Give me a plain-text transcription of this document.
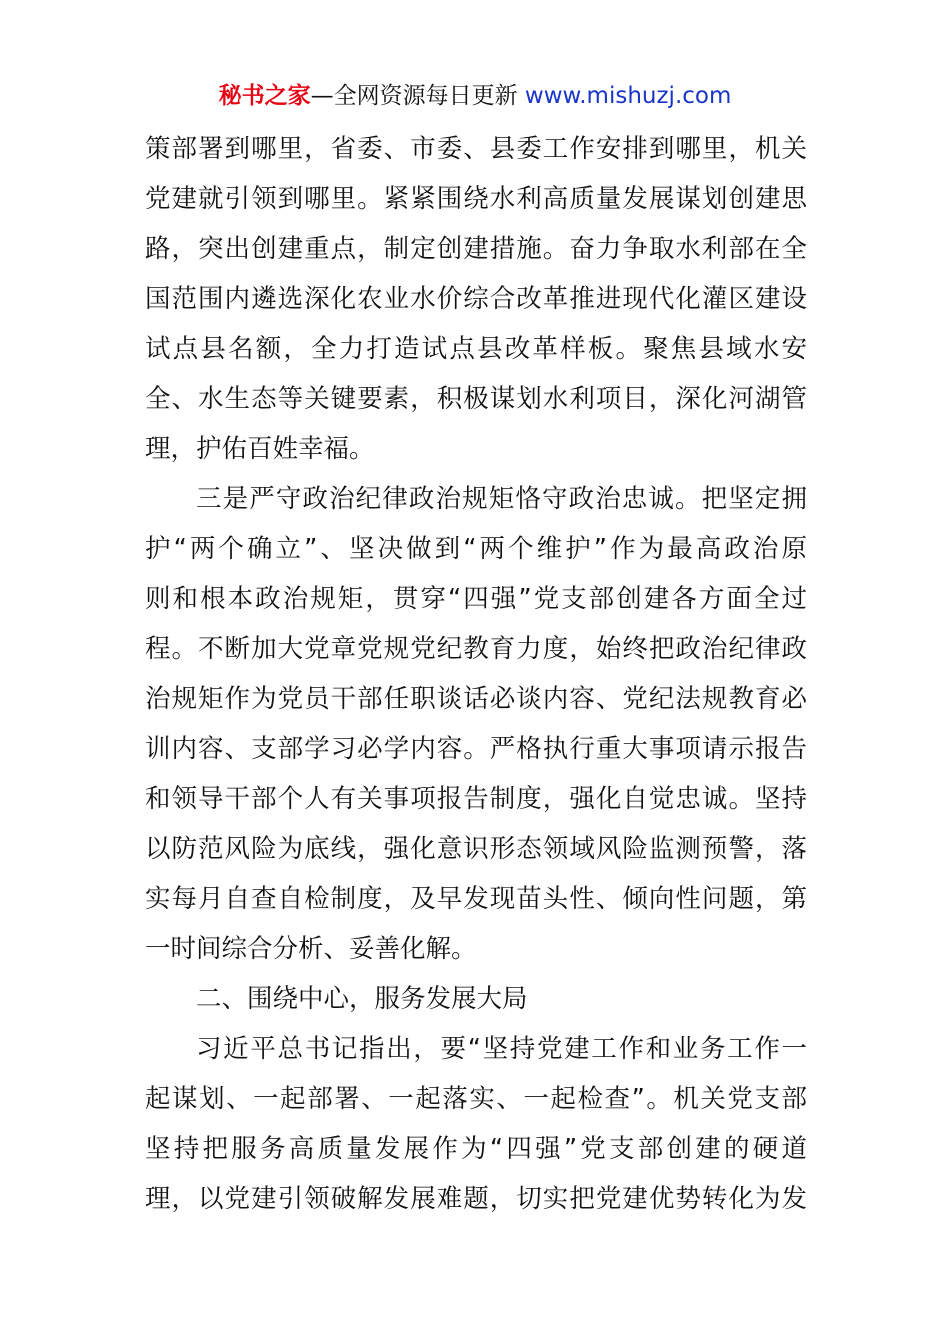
秘书之家—全网资源每日更新 www.mishuzj.com
策部署到哪里，省委、市委、县委工作安排到哪里，机关
党建就引领到哪里。紧紧围绕水利高质量发展谋划创建思
路，突出创建重点，制定创建措施。奋力争取水利部在全
国范围内遴选深化农业水价综合改革推进现代化灌区建设
试点县名额，全力打造试点县改革样板。聚焦县域水安
全、水生态等关键要素，积极谋划水利项目，深化河湖管
理，护佑百姓幸福。
三是严守政治纪律政治规矩恪守政治忠诚。把坚定拥
护“两个确立”、坚决做到“两个维护”作为最高政治原
则和根本政治规矩，贯穿“四强”党支部创建各方面全过
程。不断加大党章党规党纪教育力度，始终把政治纪律政
治规矩作为党员干部任职谈话必谈内容、党纪法规教育必
训内容、支部学习必学内容。严格执行重大事项请示报告
和领导干部个人有关事项报告制度，强化自觉忠诚。坚持
以防范风险为底线，强化意识形态领域风险监测预警，落
实每月自查自检制度，及早发现苗头性、倾向性问题，第
一时间综合分析、妥善化解。
二、围绕中心，服务发展大局
习近平总书记指出，要“坚持党建工作和业务工作一
起谋划、一起部署、一起落实、一起检查”。机关党支部
坚持把服务高质量发展作为“四强”党支部创建的硬道
理，以党建引领破解发展难题，切实把党建优势转化为发
